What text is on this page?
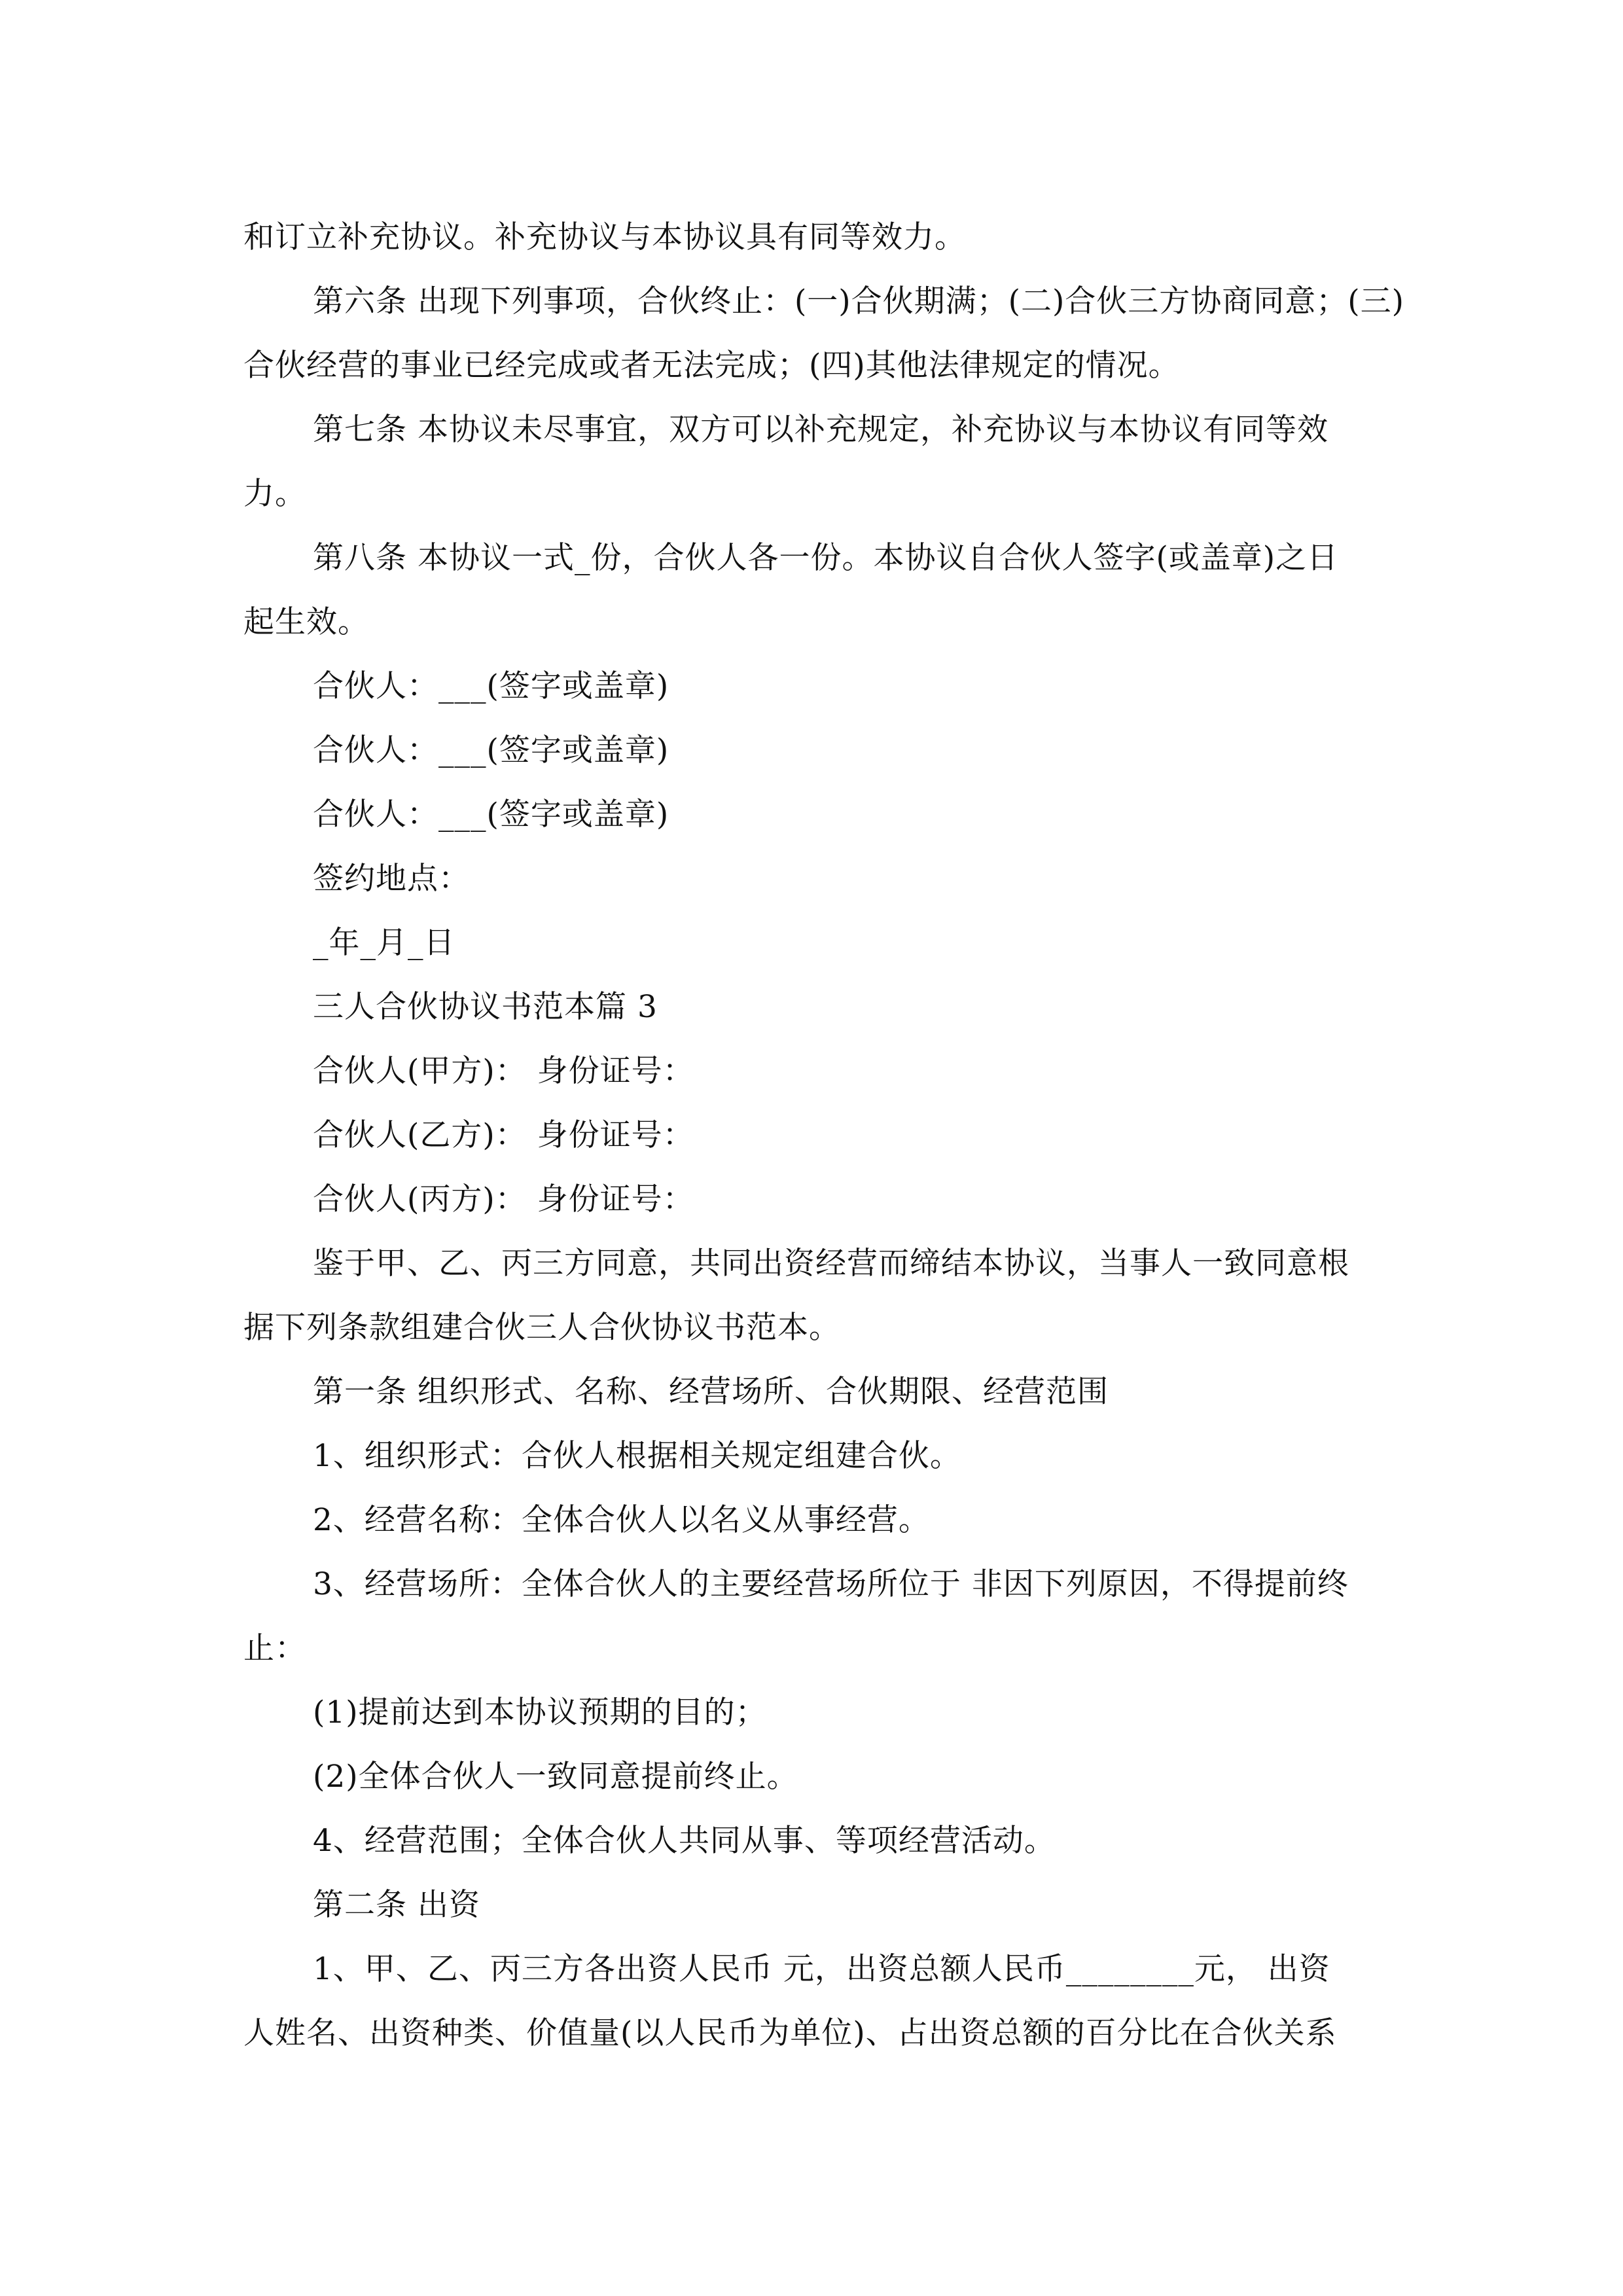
和订立补充协议。补充协议与本协议具有同等效力。
第六条 出现下列事项，合伙终止：(一)合伙期满；(二)合伙三方协商同意；(三)
合伙经营的事业已经完成或者无法完成；(四)其他法律规定的情况。
第七条 本协议未尽事宜，双方可以补充规定，补充协议与本协议有同等效
力。
第八条 本协议一式_份，合伙人各一份。本协议自合伙人签字(或盖章)之日
起生效。
合伙人：___(签字或盖章)
合伙人：___(签字或盖章)
合伙人：___(签字或盖章)
签约地点：
_年_月_日
三人合伙协议书范本篇 3
合伙人(甲方)： 身份证号：
合伙人(乙方)： 身份证号：
合伙人(丙方)： 身份证号：
鉴于甲、乙、丙三方同意，共同出资经营而缔结本协议，当事人一致同意根
据下列条款组建合伙三人合伙协议书范本。
第一条 组织形式、名称、经营场所、合伙期限、经营范围
1、组织形式：合伙人根据相关规定组建合伙。
2、经营名称：全体合伙人以名义从事经营。
3、经营场所：全体合伙人的主要经营场所位于 非因下列原因，不得提前终
止：
(1)提前达到本协议预期的目的；
(2)全体合伙人一致同意提前终止。
4、经营范围；全体合伙人共同从事、等项经营活动。
第二条 出资
1、甲、乙、丙三方各出资人民币 元，出资总额人民币________元， 出资
人姓名、出资种类、价值量(以人民币为单位)、占出资总额的百分比在合伙关系
